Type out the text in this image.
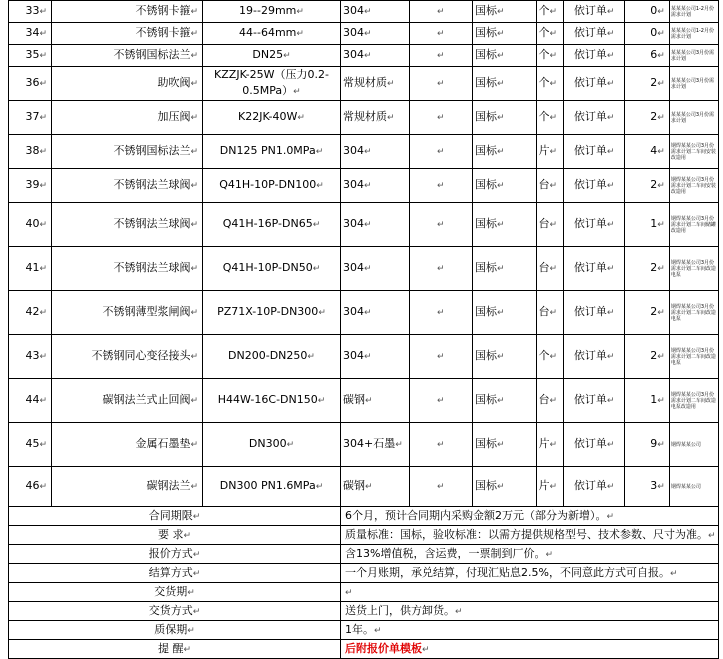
33↵	不锈钢卡箍↵	19--29mm↵	304↵	↵	国标↵	个↵	依订单↵	0↵	某某某公司1-2月份需求计划
34↵	不锈钢卡箍↵	44--64mm↵	304↵	↵	国标↵	个↵	依订单↵	0↵	某某某公司1-2月份需求计划
35↵	不锈钢国标法兰↵	DN25↵	304↵	↵	国标↵	个↵	依订单↵	6↵	某某某公司3月份需求计划
36↵	助吹阀↵	KZZJK-25W（压力0.2-0.5MPa）↵	常规材质↵	↵	国标↵	个↵	依订单↵	2↵	某某某公司3月份需求计划
37↵	加压阀↵	K22JK-40W↵	常规材质↵	↵	国标↵	个↵	依订单↵	2↵	某某某公司3月份需求计划
38↵	不锈钢国标法兰↵	DN125 PN1.0MPa↵	304↵	↵	国标↵	片↵	依订单↵	4↵	钢焊某某公司3月份需求计划二车间安装改造用
39↵	不锈钢法兰球阀↵	Q41H-10P-DN100↵	304↵	↵	国标↵	台↵	依订单↵	2↵	钢焊某某公司3月份需求计划二车间安装改造用
40↵	不锈钢法兰球阀↵	Q41H-16P-DN65↵	304↵	↵	国标↵	台↵	依订单↵	1↵	钢焊某某公司3月份需求计划二车间储罐改造用
41↵	不锈钢法兰球阀↵	Q41H-10P-DN50↵	304↵	↵	国标↵	台↵	依订单↵	2↵	钢焊某某公司3月份需求计划二车间改造电泵
42↵	不锈钢薄型浆闸阀↵	PZ71X-10P-DN300↵	304↵	↵	国标↵	台↵	依订单↵	2↵	钢焊某某公司3月份需求计划二车间改造电泵
43↵	不锈钢同心变径接头↵	DN200-DN250↵	304↵	↵	国标↵	个↵	依订单↵	2↵	钢焊某某公司3月份需求计划二车间改造电泵
44↵	碳钢法兰式止回阀↵	H44W-16C-DN150↵	碳钢↵	↵	国标↵	台↵	依订单↵	1↵	钢焊某某公司3月份需求计划二车间改造电泵改造用
45↵	金属石墨垫↵	DN300↵	304+石墨↵	↵	国标↵	片↵	依订单↵	9↵	钢焊某某公司
46↵	碳钢法兰↵	DN300 PN1.6MPa↵	碳钢↵	↵	国标↵	片↵	依订单↵	3↵	钢焊某某公司
合同期限↵			6个月，预计合同期内采购金额2万元（部分为新增）。↵						
要 求↵			质量标准：国标，验收标准：以需方提供规格型号、技术参数、尺寸为准。↵						
报价方式↵			含13%增值税，含运费，一票制到厂价。↵						
结算方式↵			一个月账期，承兑结算，付现汇贴息2.5%，不同意此方式可自报。↵						
交货期↵			↵						
交货方式↵			送货上门，供方卸货。↵						
质保期↵			1年。↵						
提 醒↵			后附报价单模板↵						
